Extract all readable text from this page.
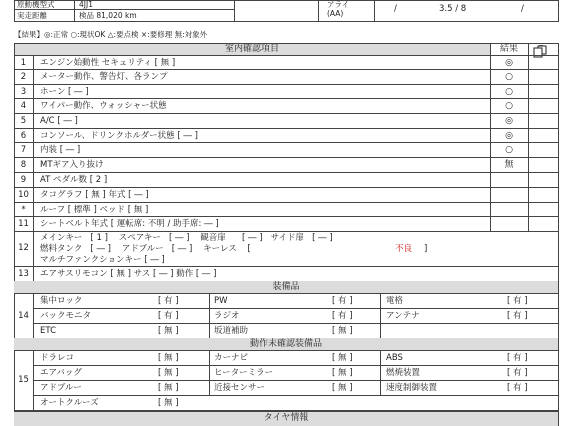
原動機型式	4JJ1
実走距離	検品 81,020 km
アライ
(AA)	/	3.5 / 8	/
【結果】◎:正常 ○:現状OK △:要点検 ×:要修理 無:対象外
室内確認項目	結果
1	エンジン始動性 セキュリティ [ 無 ]	◎
2	メーター動作、警告灯、各ランプ	○
3	ホーン [ ― ]	○
4	ワイパー動作、ウォッシャー状態	○
5	A/C [ ― ]	◎
6	コンソール、ドリンクホルダー状態 [ ― ]	◎
7	内装 [ ― ]	○
8	MTギア入り抜け	無
9	AT ペダル数 [ 2 ]
10	タコグラフ [ 無 ] 年式 [ ― ]
*	ルーフ [ 標準 ] ベッド [ 無 ]
11	シートベルト年式 [ 運転席: 不明 / 助手席: ― ]
12
メインキー   [ 1 ]    スペアキー   [ ― ]    観音扉      [ ― ]   サイド扉   [ ― ]
燃料タンク   [ ― ]    アドブルー   [ ― ]    キーレス    [	不良 ]
マルチファンクションキー [ ― ]
13	エアサスリモコン [ 無 ] サス [ ― ] 動作 [ ― ]
装備品
14
集中ロック	[ 有 ]	PW	[ 有 ]	電格	[ 有 ]
バックモニタ	[ 有 ]	ラジオ	[ 有 ]	アンテナ	[ 有 ]
ETC	[ 無 ]	坂道補助	[ 無 ]
動作未確認装備品
15
ドラレコ	[ 無 ]	カーナビ	[ 無 ]	ABS	[ 有 ]
エアバッグ	[ 無 ]	ヒーターミラー	[ 無 ]	燃焼装置	[ 有 ]
アドブルー	[ 無 ]	近接センサー	[ 無 ]	速度制御装置	[ 有 ]
オートクルーズ	[ 無 ]
タイヤ情報
